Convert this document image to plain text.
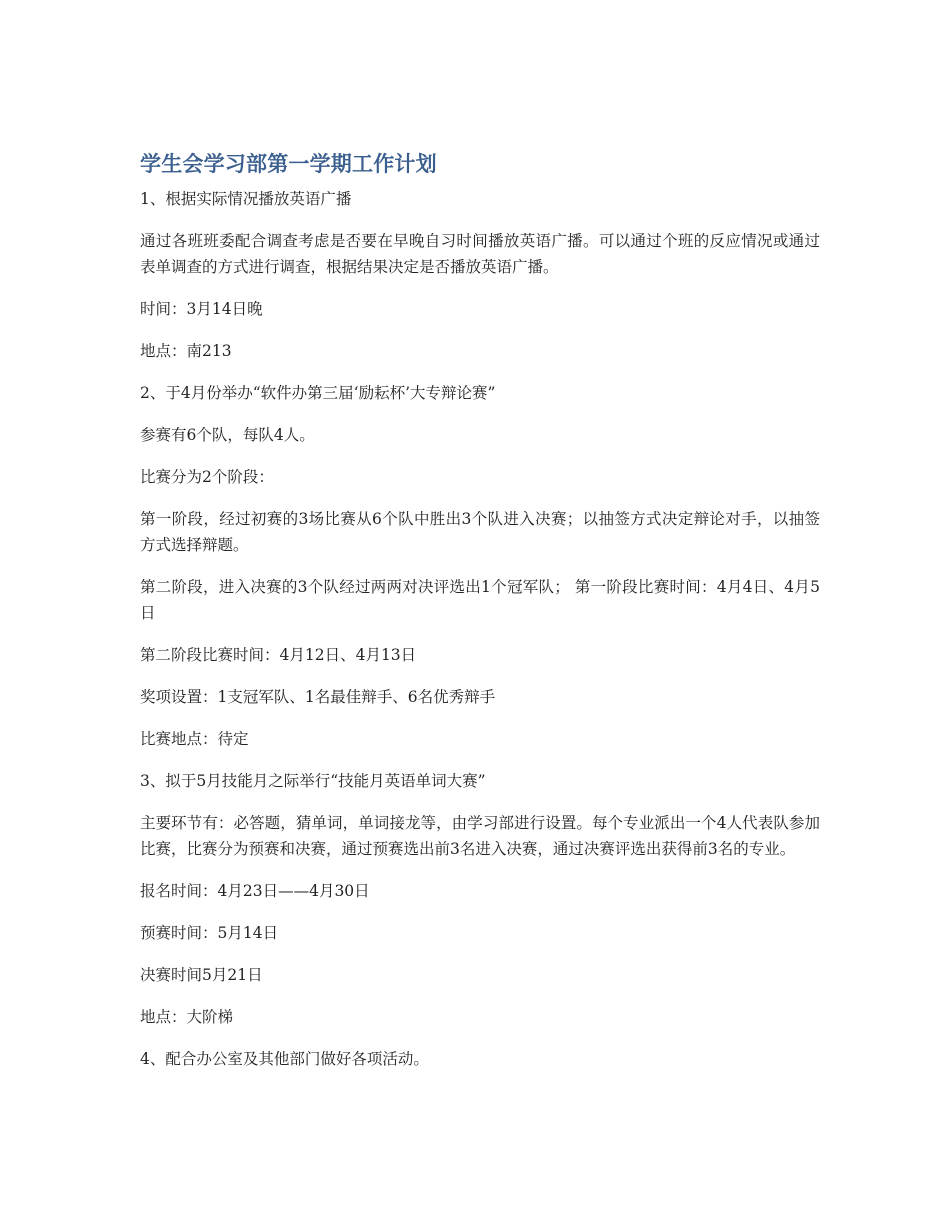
学生会学习部第一学期工作计划

1、根据实际情况播放英语广播

通过各班班委配合调查考虑是否要在早晚自习时间播放英语广播。可以通过个班的反应情况或通过表单调查的方式进行调查，根据结果决定是否播放英语广播。

时间：3月14日晚

地点：南213

2、于4月份举办“软件办第三届‘励耘杯’大专辩论赛”

参赛有6个队，每队4人。

比赛分为2个阶段：

第一阶段，经过初赛的3场比赛从6个队中胜出3个队进入决赛；以抽签方式决定辩论对手，以抽签方式选择辩题。

第二阶段，进入决赛的3个队经过两两对决评选出1个冠军队； 第一阶段比赛时间：4月4日、4月5日

第二阶段比赛时间：4月12日、4月13日

奖项设置：1支冠军队、1名最佳辩手、6名优秀辩手

比赛地点：待定

3、拟于5月技能月之际举行“技能月英语单词大赛”

主要环节有：必答题，猜单词，单词接龙等，由学习部进行设置。每个专业派出一个4人代表队参加比赛，比赛分为预赛和决赛，通过预赛选出前3名进入决赛，通过决赛评选出获得前3名的专业。

报名时间：4月23日——4月30日

预赛时间：5月14日

决赛时间5月21日

地点：大阶梯

4、配合办公室及其他部门做好各项活动。
